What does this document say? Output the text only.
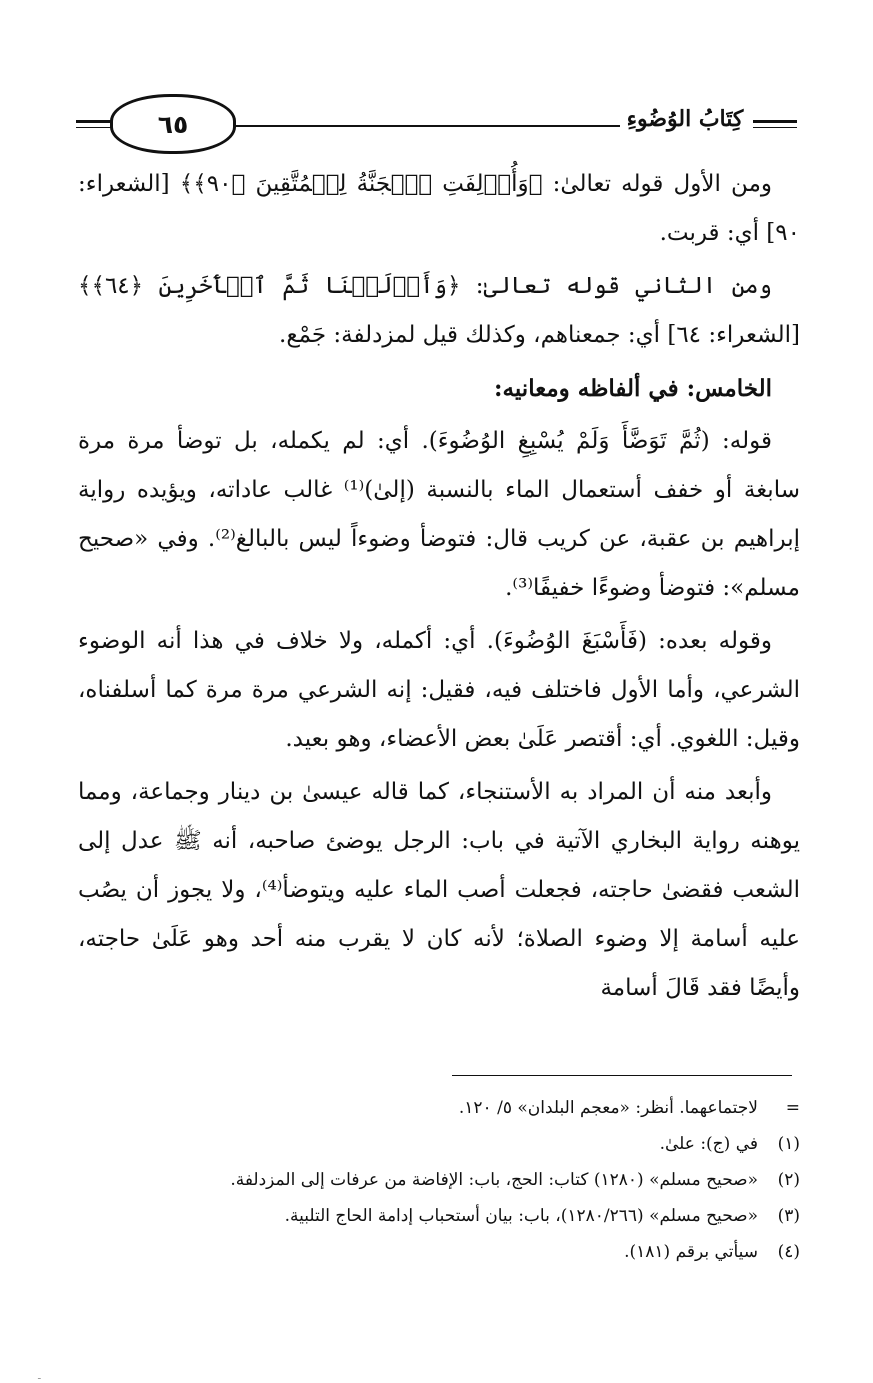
٦٥	كِتَابُ الوُضُوءِ

ومن الأول قوله تعالىٰ: ﴿وَأُزۡلِفَتِ ٱلۡجَنَّةُ لِلۡمُتَّقِينَ ﴿٩٠﴾﴾ [الشعراء: ٩٠] أي: قربت.

ومن الثاني قوله تعالىٰ: ﴿وَأَزۡلَفۡنَا ثَمَّ ٱلۡأٓخَرِينَ ﴿٦٤﴾﴾ [الشعراء: ٦٤] أي: جمعناهم، وكذلك قيل لمزدلفة: جَمْع.

الخامس: في ألفاظه ومعانيه:

قوله: (ثُمَّ تَوَضَّأَ وَلَمْ يُسْبِغِ الوُضُوءَ). أي: لم يكمله، بل توضأ مرة مرة سابغة أو خفف أستعمال الماء بالنسبة (إلىٰ)⁽¹⁾ غالب عاداته، ويؤيده رواية إبراهيم بن عقبة، عن كريب قال: فتوضأ وضوءاً ليس بالبالغ⁽²⁾. وفي «صحيح مسلم»: فتوضأ وضوءًا خفيفًا⁽³⁾.

وقوله بعده: (فَأَسْبَغَ الوُضُوءَ). أي: أكمله، ولا خلاف في هذا أنه الوضوء الشرعي، وأما الأول فاختلف فيه، فقيل: إنه الشرعي مرة مرة كما أسلفناه، وقيل: اللغوي. أي: أقتصر عَلَىٰ بعض الأعضاء، وهو بعيد.

وأبعد منه أن المراد به الأستنجاء، كما قاله عيسىٰ بن دينار وجماعة، ومما يوهنه رواية البخاري الآتية في باب: الرجل يوضئ صاحبه، أنه ﷺ عدل إلى الشعب فقضىٰ حاجته، فجعلت أصب الماء عليه ويتوضأ⁽⁴⁾، ولا يجوز أن يصُب عليه أسامة إلا وضوء الصلاة؛ لأنه كان لا يقرب منه أحد وهو عَلَىٰ حاجته، وأيضًا فقد قَالَ أسامة

=لاجتماعهما. أنظر: «معجم البلدان» ٥/ ١٢٠.
(١)في (ج): علىٰ.
(٢)«صحيح مسلم» (١٢٨٠) كتاب: الحج، باب: الإفاضة من عرفات إلى المزدلفة.
(٣)«صحيح مسلم» (١٢٨٠/٢٦٦)، باب: بيان أستحباب إدامة الحاج التلبية.
(٤)سيأتي برقم (١٨١).
ـ
